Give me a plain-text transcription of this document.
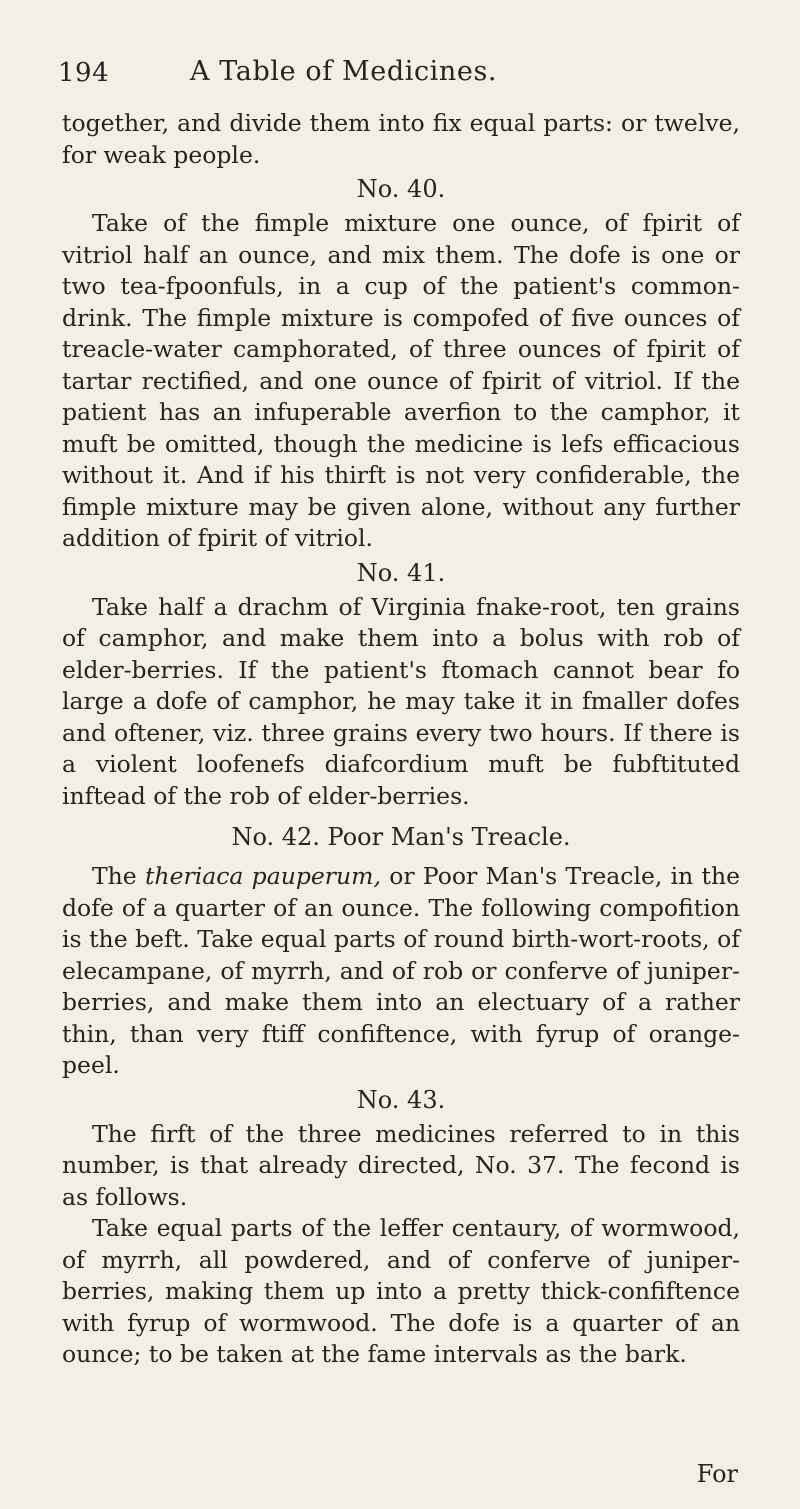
194	A Table of Medicines.

together, and divide them into fix equal parts: or twelve, for weak people.

No. 40.

Take of the fimple mixture one ounce, of fpirit of vitriol half an ounce, and mix them. The dofe is one or two tea-fpoonfuls, in a cup of the patient's common-drink. The fimple mixture is compofed of five ounces of treacle-water camphorated, of three ounces of fpirit of tartar rectified, and one ounce of fpirit of vitriol. If the patient has an infuperable averfion to the camphor, it muft be omitted, though the medicine is lefs efficacious without it. And if his thirft is not very confiderable, the fimple mixture may be given alone, without any further addition of fpirit of vitriol.

No. 41.

Take half a drachm of Virginia fnake-root, ten grains of camphor, and make them into a bolus with rob of elder-berries. If the patient's ftomach cannot bear fo large a dofe of camphor, he may take it in fmaller dofes and oftener, viz. three grains every two hours. If there is a violent loofenefs diafcordium muft be fubftituted inftead of the rob of elder-berries.

No. 42. Poor Man's Treacle.

The theriaca pauperum, or Poor Man's Treacle, in the dofe of a quarter of an ounce. The following compofition is the beft. Take equal parts of round birth-wort-roots, of elecampane, of myrrh, and of rob or conferve of juniper-berries, and make them into an electuary of a rather thin, than very ftiff confiftence, with fyrup of orange-peel.

No. 43.

The firft of the three medicines referred to in this number, is that already directed, No. 37. The fecond is as follows.

Take equal parts of the leffer centaury, of wormwood, of myrrh, all powdered, and of conferve of juniper-berries, making them up into a pretty thick-confiftence with fyrup of wormwood. The dofe is a quarter of an ounce; to be taken at the fame intervals as the bark.

For
